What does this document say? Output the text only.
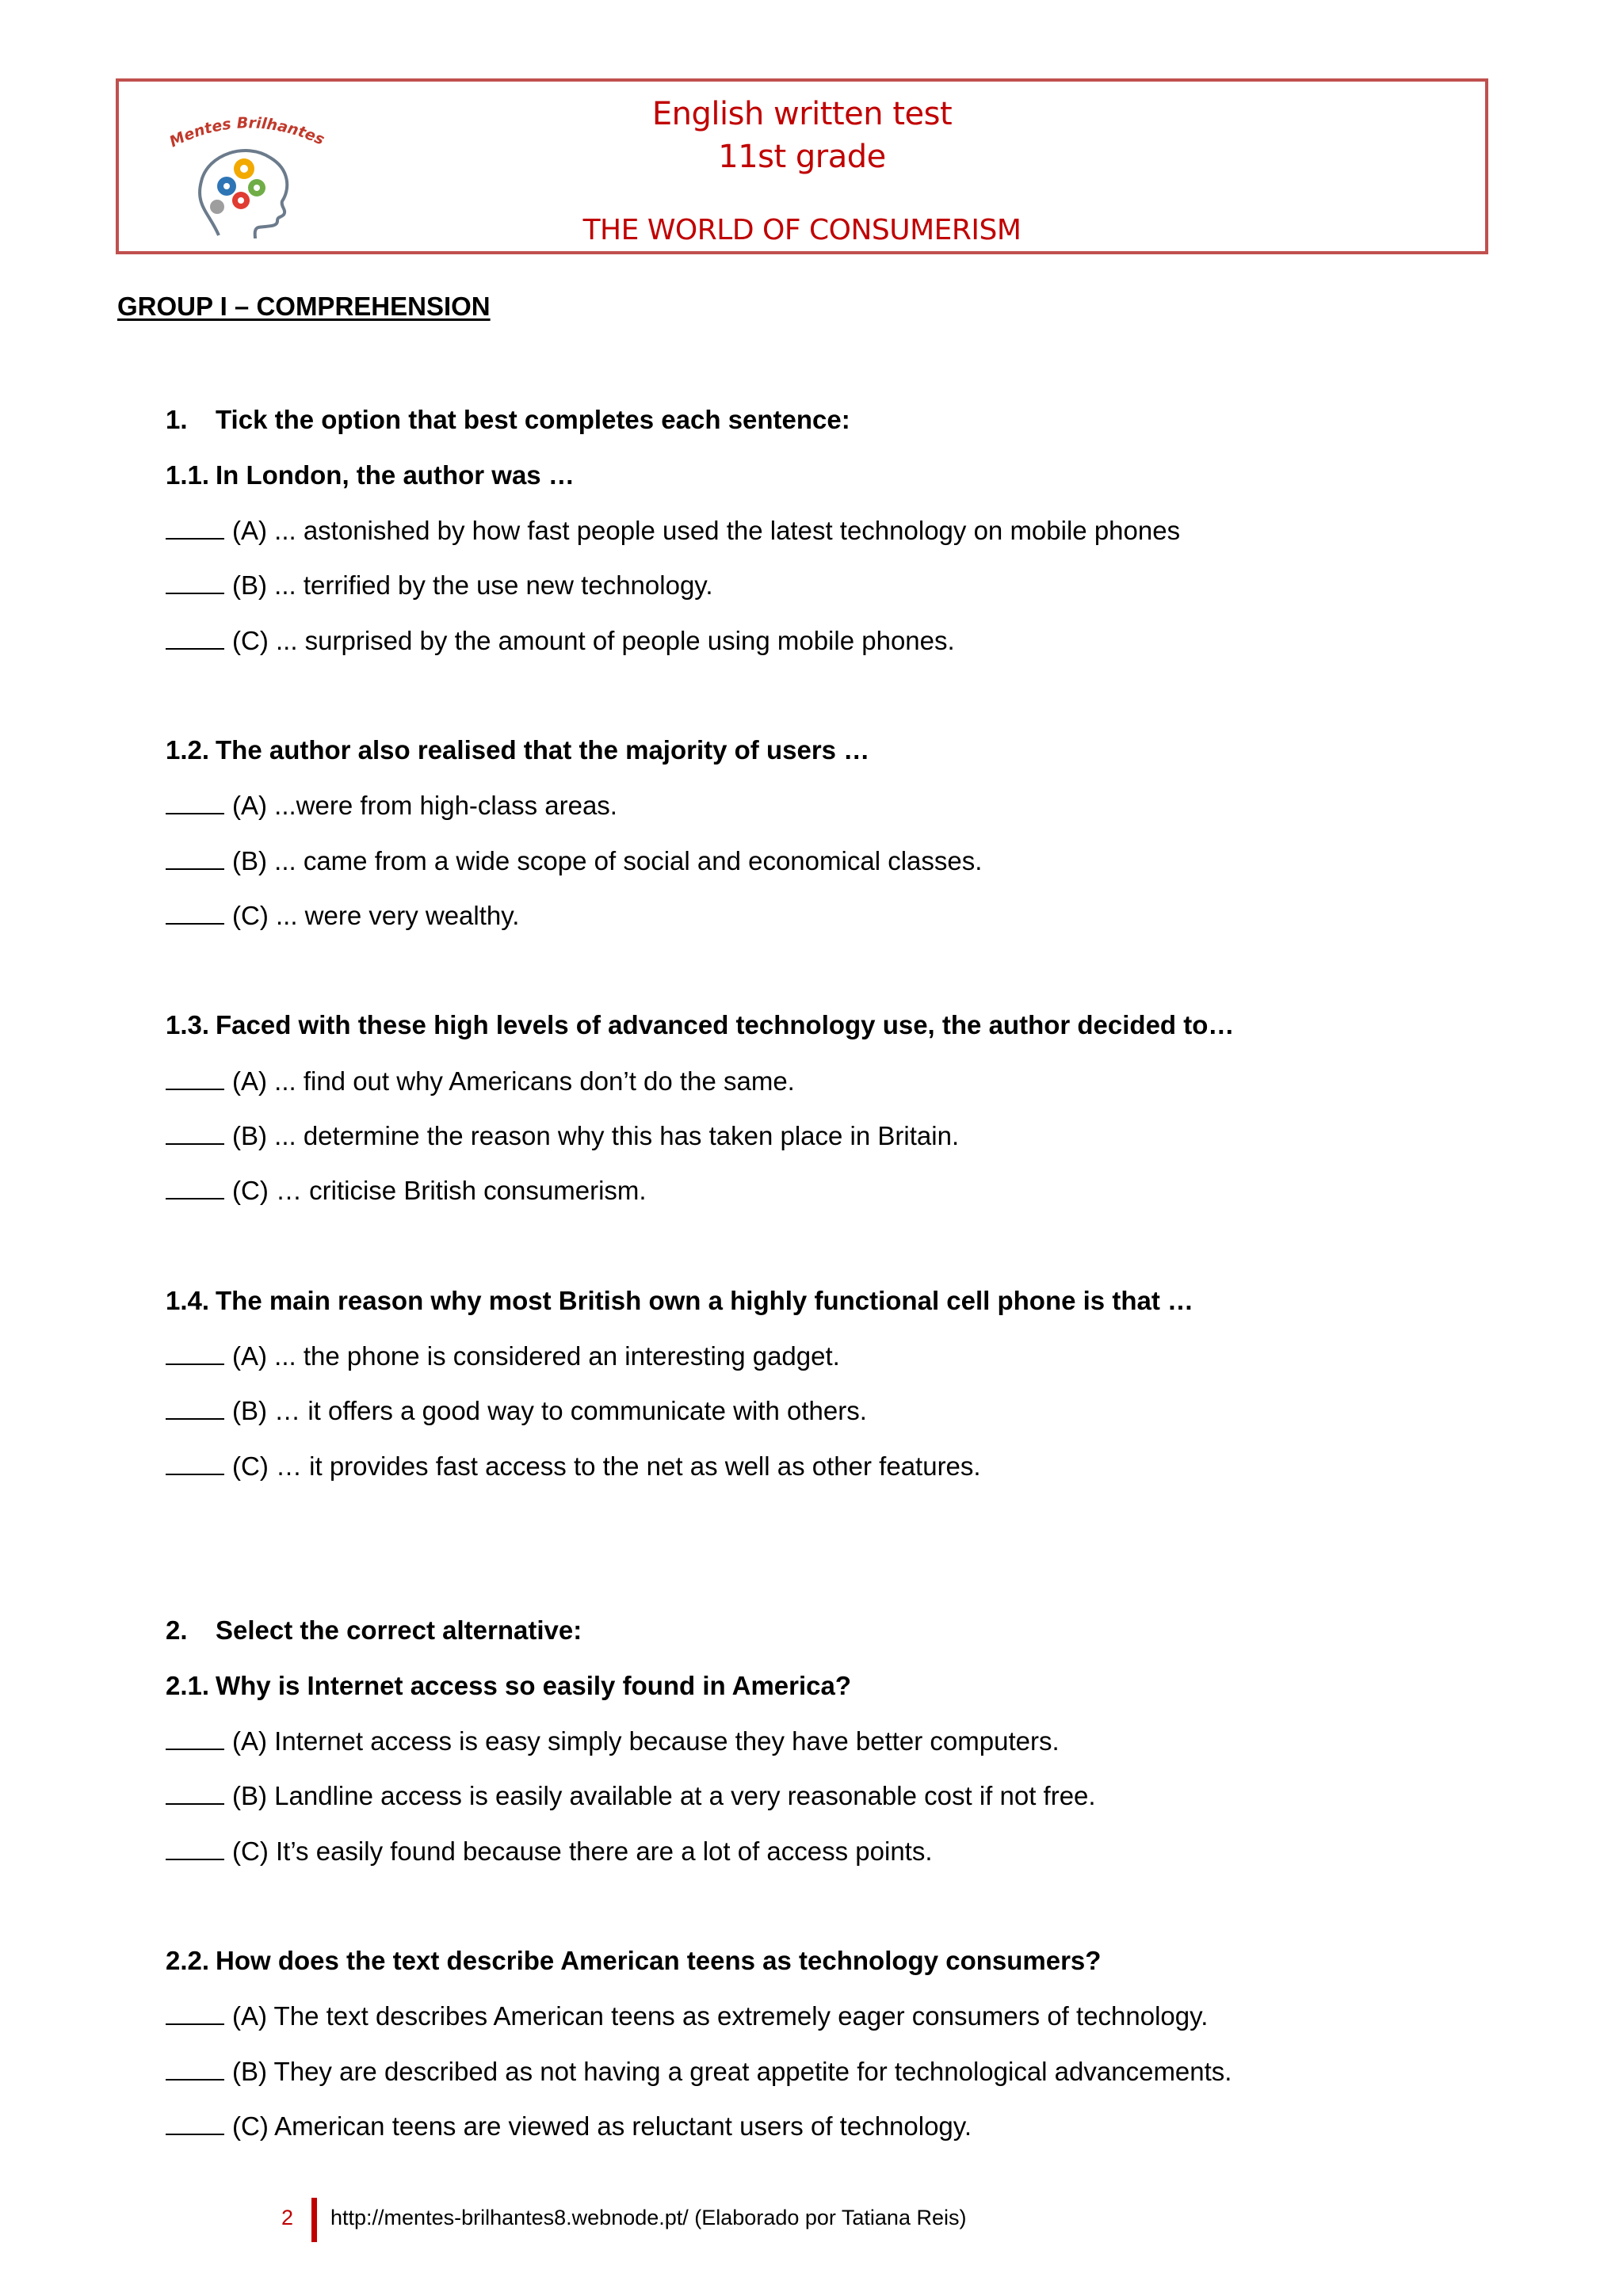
Mentes Brilhantes
English written test
11st grade
THE WORLD OF CONSUMERISM
GROUP I – COMPREHENSION
1. Tick the option that best completes each sentence:
1.1. In London, the author was …
(A) ... astonished by how fast people used the latest technology on mobile phones
(B) ... terrified by the use new technology.
(C) ... surprised by the amount of people using mobile phones.
1.2. The author also realised that the majority of users …
(A) ...were from high-class areas.
(B) ... came from a wide scope of social and economical classes.
(C) ... were very wealthy.
1.3. Faced with these high levels of advanced technology use, the author decided to…
(A) ... find out why Americans don’t do the same.
(B) ... determine the reason why this has taken place in Britain.
(C) … criticise British consumerism.
1.4. The main reason why most British own a highly functional cell phone is that …
(A) ... the phone is considered an interesting gadget.
(B) … it offers a good way to communicate with others.
(C) … it provides fast access to the net as well as other features.
2. Select the correct alternative:
2.1. Why is Internet access so easily found in America?
(A) Internet access is easy simply because they have better computers.
(B) Landline access is easily available at a very reasonable cost if not free.
(C) It’s easily found because there are a lot of access points.
2.2. How does the text describe American teens as technology consumers?
(A) The text describes American teens as extremely eager consumers of technology.
(B) They are described as not having a great appetite for technological advancements.
(C) American teens are viewed as reluctant users of technology.
2 http://mentes-brilhantes8.webnode.pt/ (Elaborado por Tatiana Reis)
